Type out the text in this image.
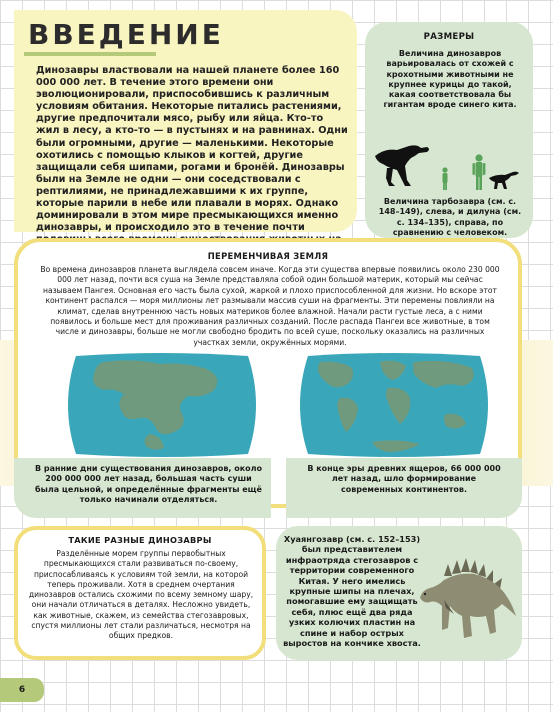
ВВЕДЕНИЕ
Динозавры властвовали на нашей планете более 160 000 000 лет. В течение этого времени они эволюционировали, приспособившись к различным условиям обитания. Некоторые питались растениями, другие предпочитали мясо, рыбу или яйца. Кто-то жил в лесу, а кто-то — в пустынях и на равнинах. Одни были огромными, другие — маленькими. Некоторые охотились с помощью клыков и когтей, другие защищали себя шипами, рогами и бронёй. Динозавры были на Земле не одни — они соседствовали с рептилиями, не принадлежавшими к их группе, которые парили в небе или плавали в морях. Однако доминировали в этом мире пресмыкающихся именно динозавры, и происходило это в течение почти
РАЗМЕРЫ
Величина динозавров варьировалась от схожей с крохотными животными не крупнее курицы до такой, какая соответствовала бы гигантам вроде синего кита.
Величина тарбозавра (см. с. 148–149), слева, и дилуна (см. с. 134–135), справа, по сравнению с человеком.
ПЕРЕМЕНЧИВАЯ ЗЕМЛЯ
Во времена динозавров планета выглядела совсем иначе. Когда эти существа впервые появились около 230 000 000 лет назад, почти вся суша на Земле представляла собой один большой материк, который мы сейчас называем Пангея. Основная его часть была сухой, жаркой и плохо приспособленной для жизни. Но вскоре этот континент распался — моря миллионы лет размывали массив суши на фрагменты. Эти перемены повлияли на климат, сделав внутреннюю часть новых материков более влажной. Начали расти густые леса, а с ними появилось и больше мест для проживания различных созданий. После распада Пангеи все животные, в том числе и динозавры, больше не могли свободно бродить по всей суше, поскольку оказались на различных участках земли, окружённых морями.
В ранние дни существования динозавров, около 200 000 000 лет назад, большая часть суши была цельной, и определённые фрагменты ещё только начинали отделяться.
В конце эры древних ящеров, 66 000 000 лет назад, шло формирование современных континентов.
ТАКИЕ РАЗНЫЕ ДИНОЗАВРЫ
Разделённые морем группы первобытных пресмыкающихся стали развиваться по-своему, приспосабливаясь к условиям той земли, на которой теперь проживали. Хотя в среднем очертания динозавров остались схожими по всему земному шару, они начали отличаться в деталях. Несложно увидеть, как животные, скажем, из семейства стегозавровых, спустя миллионы лет стали различаться, несмотря на общих предков.
Хуаянгозавр (см. с. 152–153) был представителем инфраотряда стегозавров с территории современного Китая. У него имелись крупные шипы на плечах, помогавшие ему защищать себя, плюс ещё два ряда узких колючих пластин на спине и набор острых выростов на кончике хвоста.
6
